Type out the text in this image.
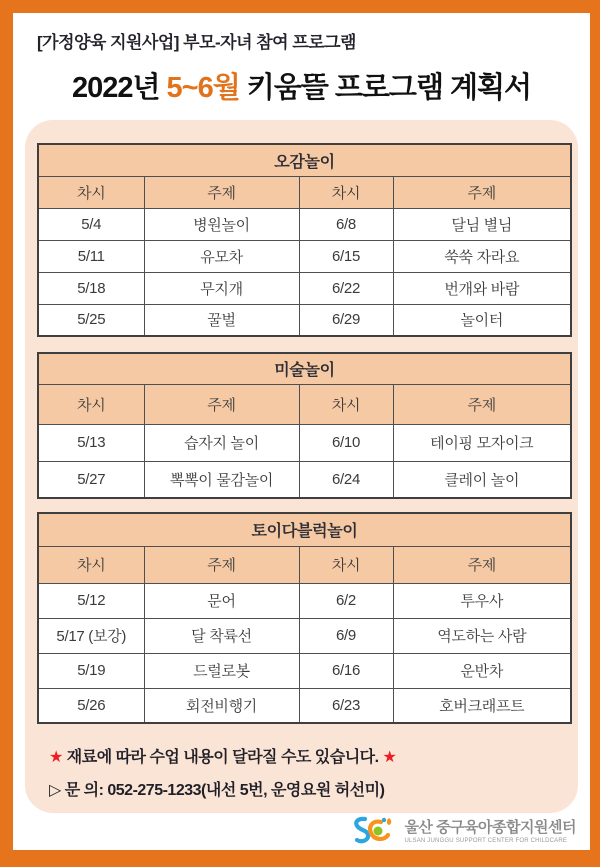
[가정양육 지원사업] 부모-자녀 참여 프로그램
2022년 5~6월 키움뜰 프로그램 계획서
오감놀이			
차시	주제	차시	주제
5/4	병원놀이	6/8	달님 별님
5/11	유모차	6/15	쑥쑥 자라요
5/18	무지개	6/22	번개와 바람
5/25	꿀벌	6/29	놀이터
미술놀이			
차시	주제	차시	주제
5/13	습자지 놀이	6/10	테이핑 모자이크
5/27	뽁뽁이 물감놀이	6/24	클레이 놀이
토이다블럭놀이			
차시	주제	차시	주제
5/12	문어	6/2	투우사
5/17 (보강)	달 착륙선	6/9	역도하는 사람
5/19	드럴로봇	6/16	운반차
5/26	회전비행기	6/23	호버크래프트
★ 재료에 따라 수업 내용이 달라질 수도 있습니다. ★
▷ 문 의: 052-275-1233(내선 5번, 운영요원 허선미)
울산 중구육아종합지원센터
ULSAN JUNGGU SUPPORT CENTER FOR CHILDCARE
